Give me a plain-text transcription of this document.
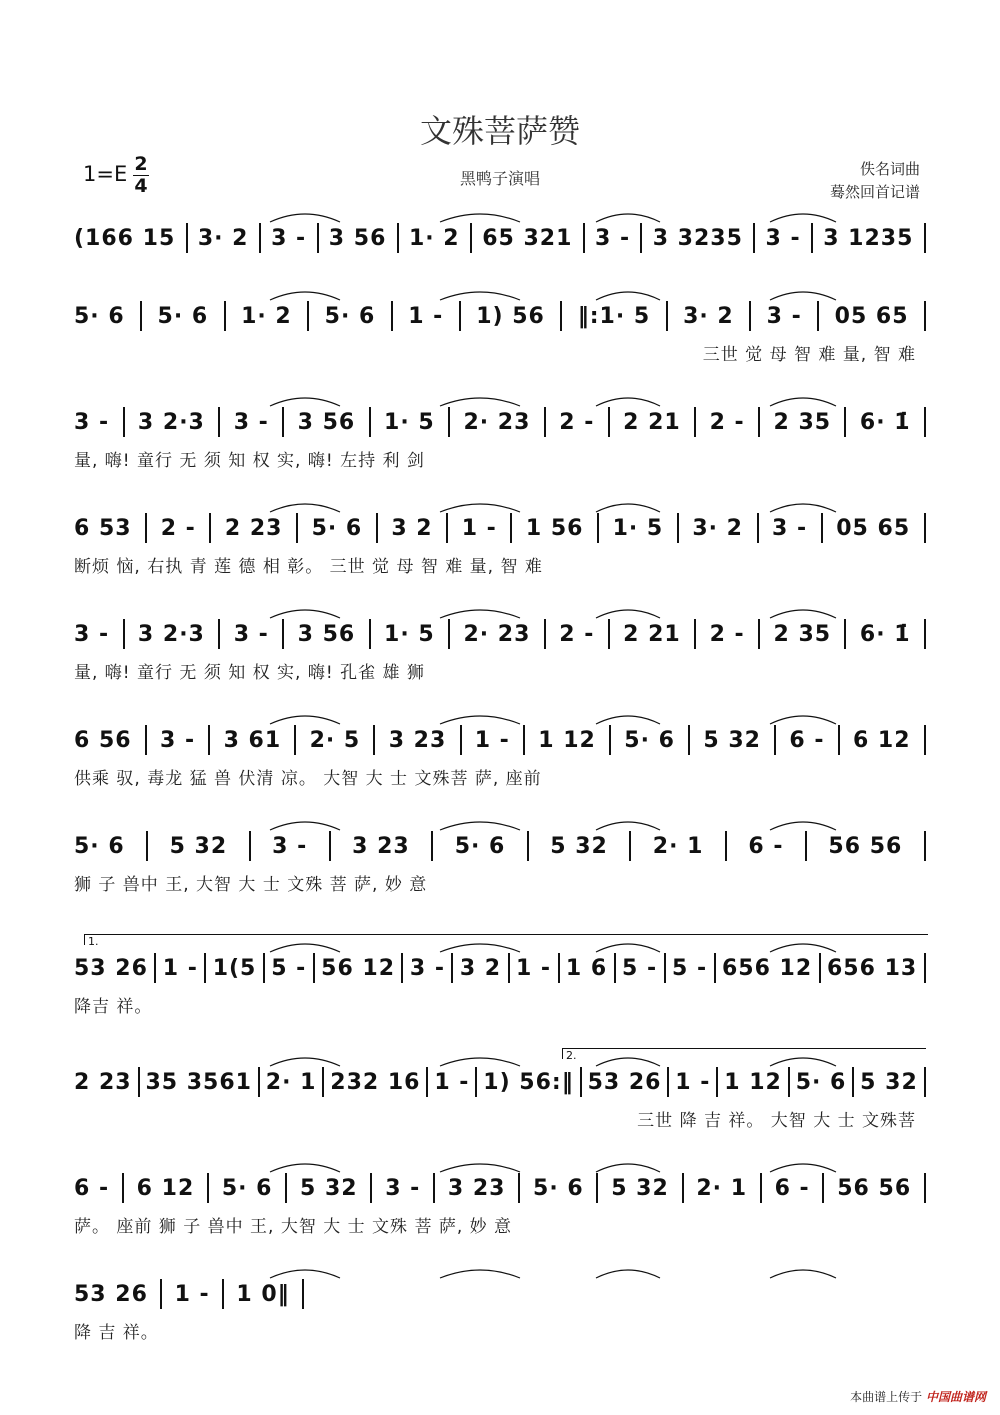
文殊菩萨赞
1=E 2
4	黑鸭子演唱	佚名词曲
蓦然回首记谱
(166 15 3· 2 3 - 3 56 1· 2 65 321 3 - 3 3235 3 - 3 1235
5· 6 5· 6 1· 2 5· 6 1 - 1) 56 ‖:1· 5 3· 2 3 - 05 65
三世 觉 母 智 难 量, 智 难
3 - 3 2·3 3 - 3 56 1· 5 2· 23 2 - 2 21 2 - 2 35 6· 1̇
量, 嗨! 童行 无 须 知 权 实, 嗨! 左持 利 剑
6 53 2 - 2 23 5· 6 3 2 1 - 1 56 1· 5 3· 2 3 - 05 65
断烦 恼, 右执 青 莲 德 相 彰。 三世 觉 母 智 难 量, 智 难
3 - 3 2·3 3 - 3 56 1· 5 2· 23 2 - 2 21 2 - 2 35 6· 1̇
量, 嗨! 童行 无 须 知 权 实, 嗨! 孔雀 雄 狮
6 56 3 - 3 61 2· 5 3 23 1 - 1 12 5· 6 5 32 6 - 6 12
供乘 驭, 毒龙 猛 兽 伏清 凉。 大智 大 士 文殊菩 萨, 座前
5· 6 5 32 3 - 3 23 5· 6 5 32 2· 1 6 - 56 56
狮 子 兽中 王, 大智 大 士 文殊 菩 萨, 妙 意
53 26 1 - 1(5 5 - 56 12 3 - 3 2 1 - 1 6 5 - 5 - 656 12 656 13
降吉 祥。
1.
2 23 35 3561 2· 1 232 16 1 - 1) 56:‖ 53 26 1 - 1 12 5· 6 5 32
三世 降 吉 祥。 大智 大 士 文殊菩
2.
6 - 6 12 5· 6 5 32 3 - 3 23 5· 6 5 32 2· 1 6 - 56 56
萨。 座前 狮 子 兽中 王, 大智 大 士 文殊 菩 萨, 妙 意
53 26 1 - 1 0‖
降 吉 祥。
本曲谱上传于 中国曲谱网
